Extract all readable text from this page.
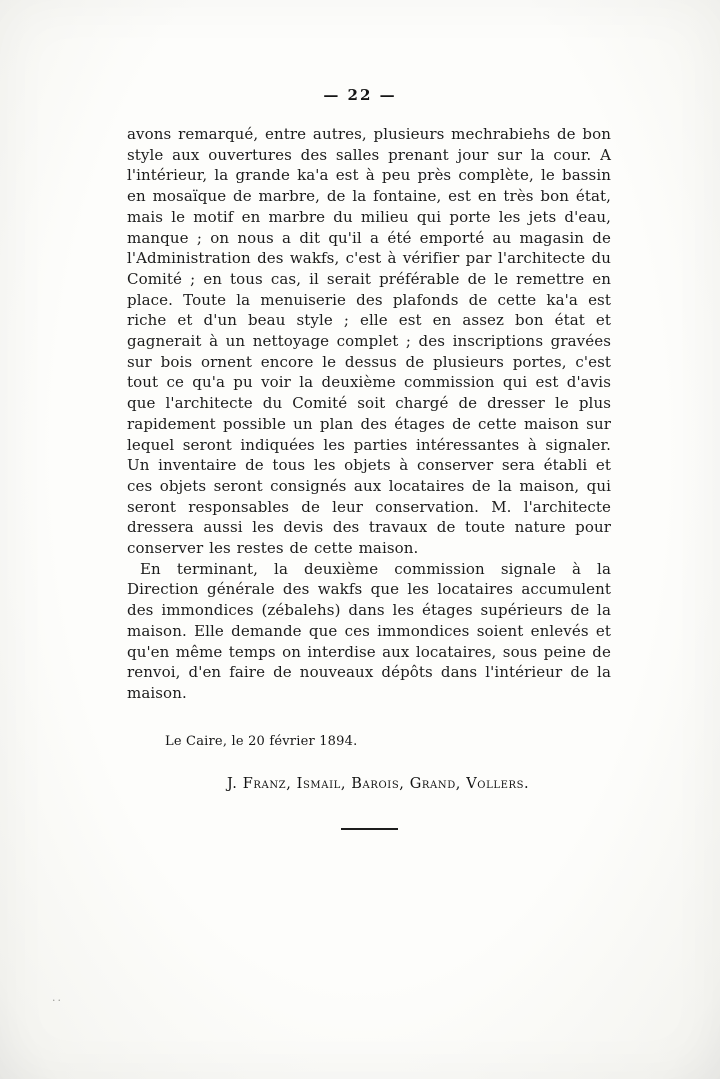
— 22 —

avons remarqué, entre autres, plusieurs mechrabiehs de bon style aux ouvertures des salles prenant jour sur la cour. A l'intérieur, la grande ka'a est à peu près complète, le bassin en mosaïque de marbre, de la fontaine, est en très bon état, mais le motif en marbre du milieu qui porte les jets d'eau, manque ; on nous a dit qu'il a été emporté au magasin de l'Administration des wakfs, c'est à vérifier par l'architecte du Comité ; en tous cas, il serait préférable de le remettre en place. Toute la menuiserie des plafonds de cette ka'a est riche et d'un beau style ; elle est en assez bon état et gagnerait à un nettoyage complet ; des inscriptions gravées sur bois ornent encore le dessus de plusieurs portes, c'est tout ce qu'a pu voir la deuxième commission qui est d'avis que l'architecte du Comité soit chargé de dresser le plus rapidement possible un plan des étages de cette maison sur lequel seront indiquées les parties intéressantes à signaler. Un inventaire de tous les objets à conserver sera établi et ces objets seront consignés aux locataires de la maison, qui seront responsables de leur conservation. M. l'architecte dressera aussi les devis des travaux de toute nature pour conserver les restes de cette maison.

En terminant, la deuxième commission signale à la Direction générale des wakfs que les locataires accumulent des immondices (zébalehs) dans les étages supérieurs de la maison. Elle demande que ces immondices soient enlevés et qu'en même temps on interdise aux locataires, sous peine de renvoi, d'en faire de nouveaux dépôts dans l'intérieur de la maison.

Le Caire, le 20 février 1894.
J. Franz, Ismail, Barois, Grand, Vollers.
··
